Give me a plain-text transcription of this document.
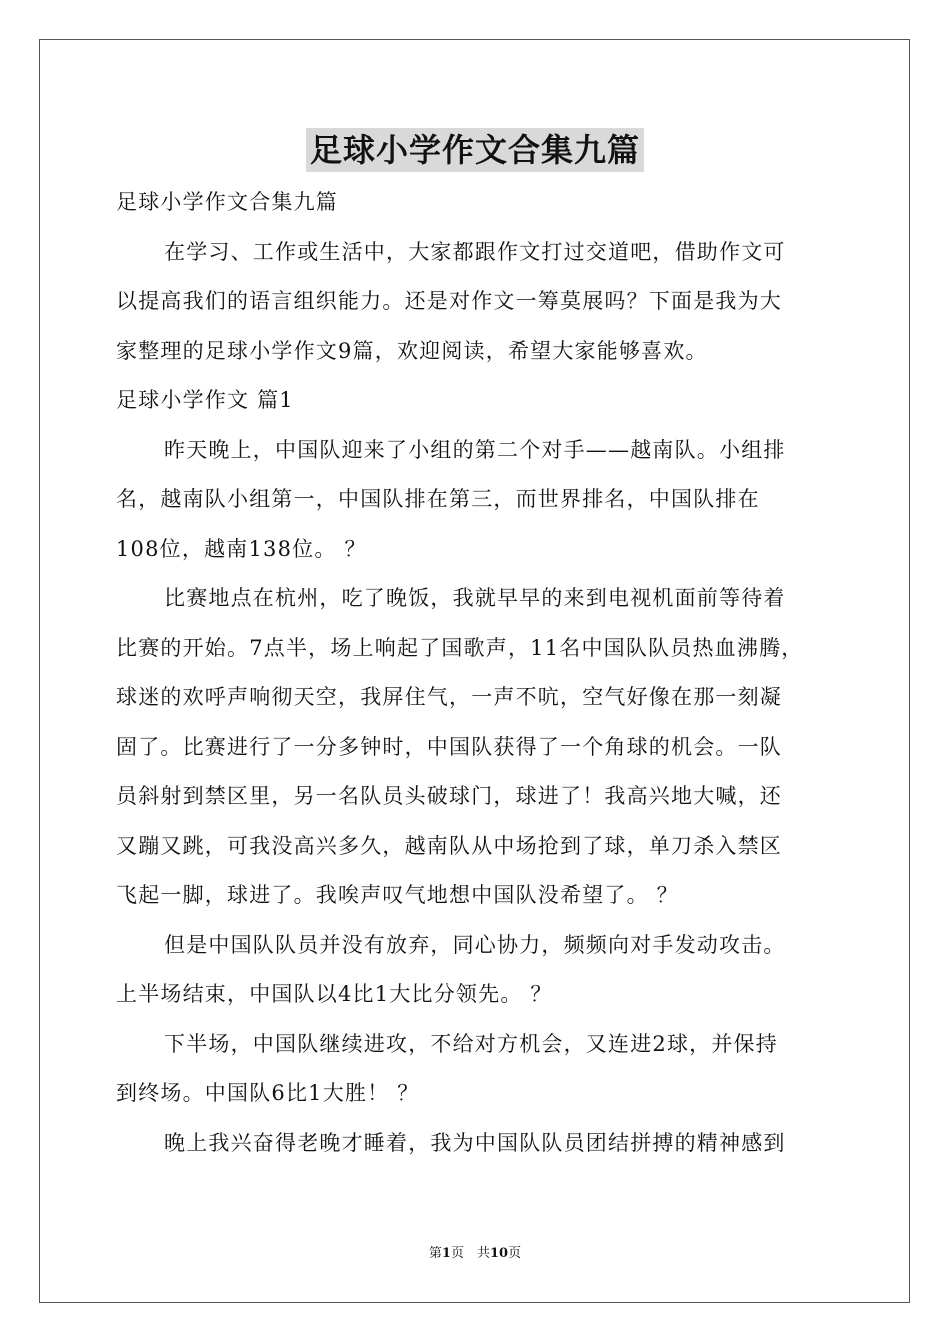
足球小学作文合集九篇
足球小学作文合集九篇
在学习、工作或生活中，大家都跟作文打过交道吧，借助作文可
以提高我们的语言组织能力。还是对作文一筹莫展吗？下面是我为大
家整理的足球小学作文9篇，欢迎阅读，希望大家能够喜欢。
足球小学作文 篇1
昨天晚上，中国队迎来了小组的第二个对手——越南队。小组排
名，越南队小组第一，中国队排在第三，而世界排名，中国队排在
108位，越南138位。 ？
比赛地点在杭州，吃了晚饭，我就早早的来到电视机面前等待着
比赛的开始。7点半，场上响起了国歌声，11名中国队队员热血沸腾，
球迷的欢呼声响彻天空，我屏住气，一声不吭，空气好像在那一刻凝
固了。比赛进行了一分多钟时，中国队获得了一个角球的机会。一队
员斜射到禁区里，另一名队员头破球门，球进了！我高兴地大喊，还
又蹦又跳，可我没高兴多久，越南队从中场抢到了球，单刀杀入禁区
飞起一脚，球进了。我唉声叹气地想中国队没希望了。 ？
但是中国队队员并没有放弃，同心协力，频频向对手发动攻击。
上半场结束，中国队以4比1大比分领先。 ？
下半场，中国队继续进攻，不给对方机会，又连进2球，并保持
到终场。中国队6比1大胜！ ？
晚上我兴奋得老晚才睡着，我为中国队队员团结拼搏的精神感到
第1页　共10页
